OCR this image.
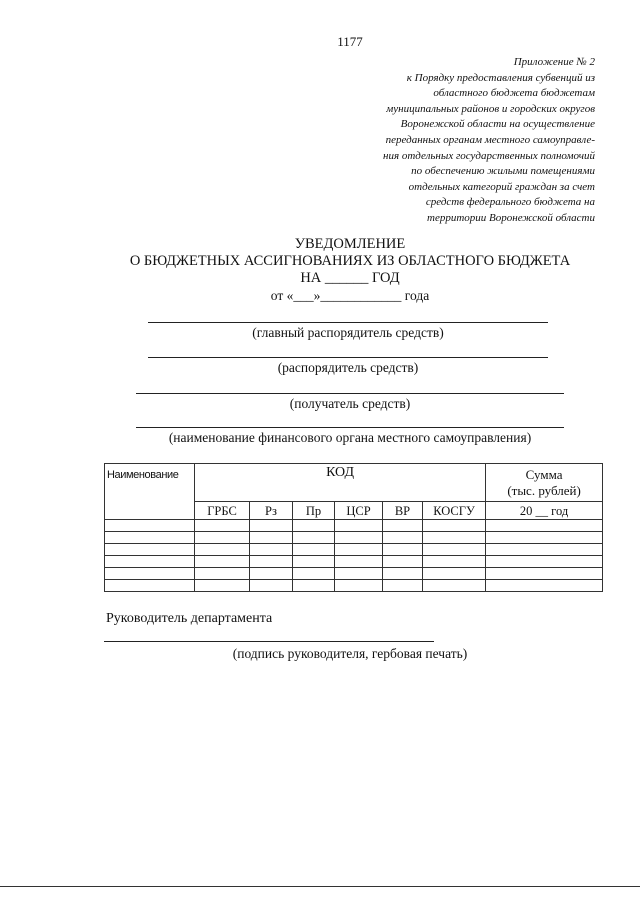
1177
Приложение № 2
к Порядку предоставления субвенций из
областного бюджета бюджетам
муниципальных районов и городских округов
Воронежской области на осуществление
переданных органам местного самоуправле-
ния отдельных государственных полномочий
по обеспечению жилыми помещениями
отдельных категорий граждан за счет
средств федерального бюджета на
территории Воронежской области
УВЕДОМЛЕНИЕ
О БЮДЖЕТНЫХ АССИГНОВАНИЯХ ИЗ ОБЛАСТНОГО БЮДЖЕТА
НА ______ ГОД
от «___»____________ года
(главный распорядитель средств)
(распорядитель средств)
(получатель средств)
(наименование финансового органа местного самоуправления)
Наименование	КОД						Сумма
(тыс. рублей)

	ГРБС	Рз	Пр	ЦСР	ВР	КОСГУ	20 __ год

Руководитель департамента
(подпись руководителя, гербовая печать)
